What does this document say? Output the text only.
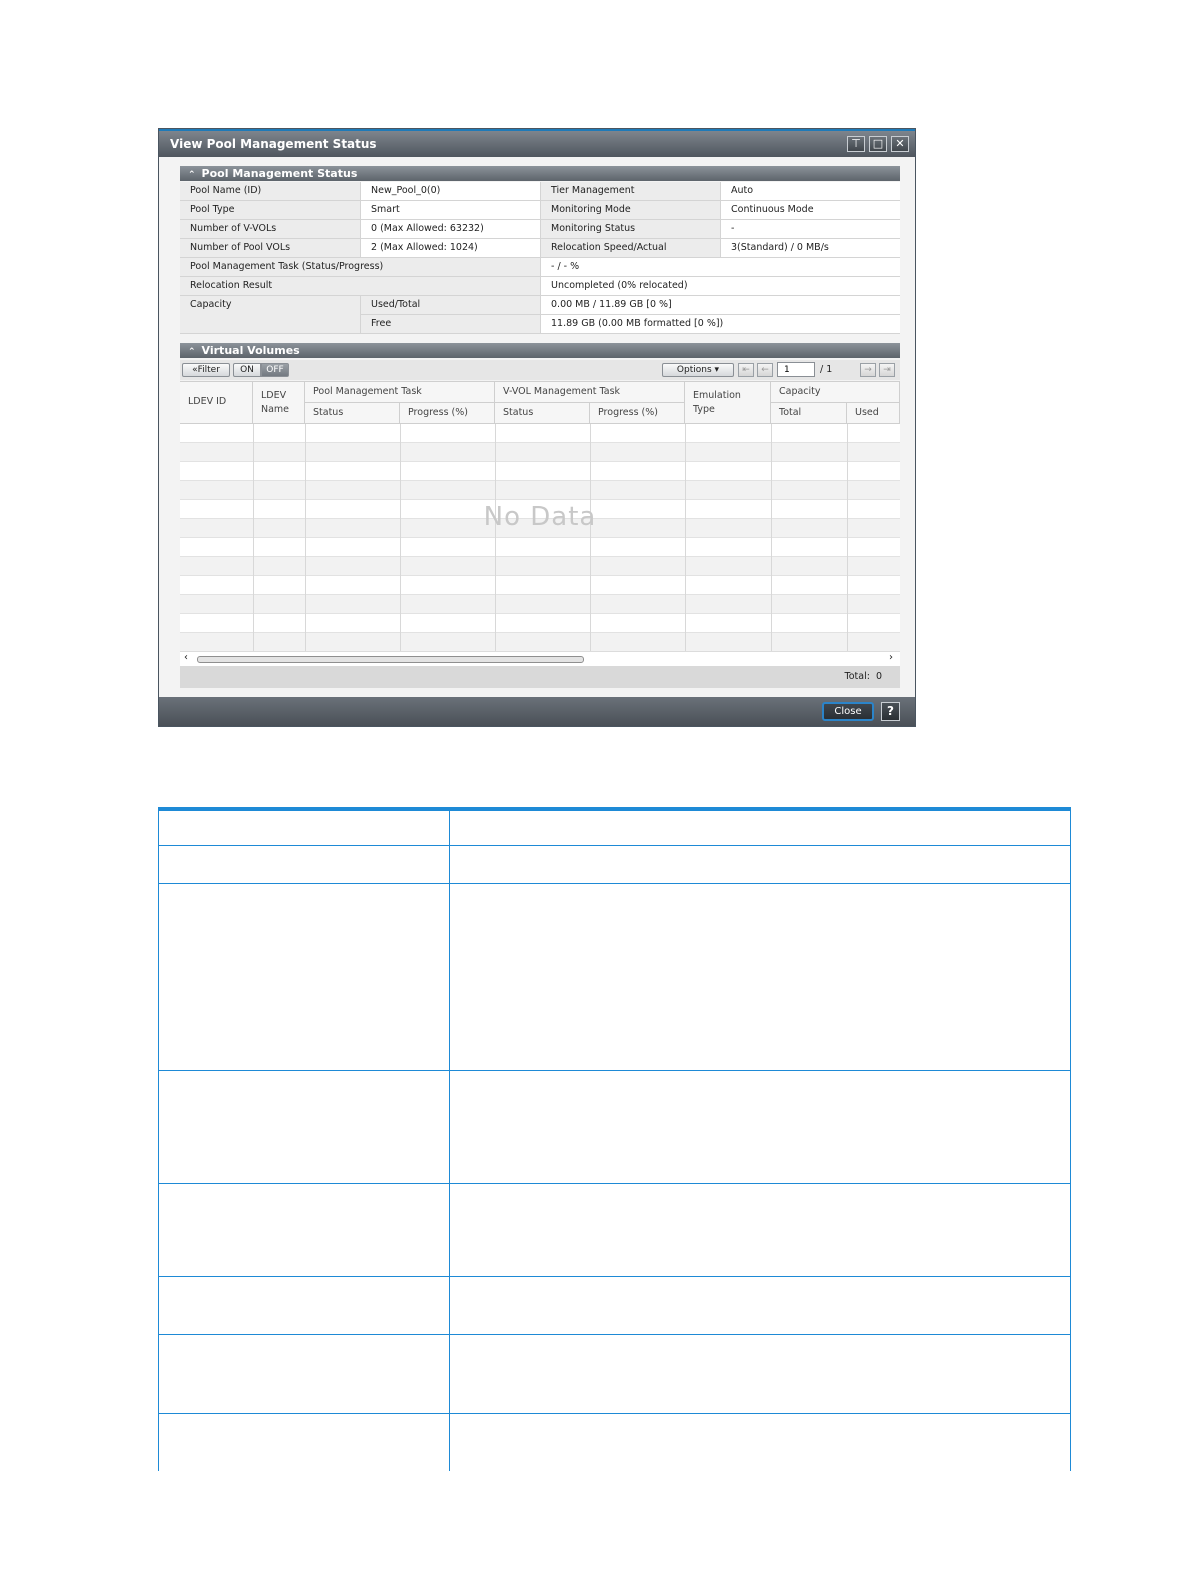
View Pool Management Status	⊤	□	✕
⌃ Pool Management Status
Pool Name (ID)	New_Pool_0(0)	Tier Management	Auto
Pool Type	Smart	Monitoring Mode	Continuous Mode
Number of V-VOLs	0 (Max Allowed: 63232)	Monitoring Status	-
Number of Pool VOLs	2 (Max Allowed: 1024)	Relocation Speed/Actual	3(Standard) / 0 MB/s
Pool Management Task (Status/Progress)	- / - %
Relocation Result	Uncompleted (0% relocated)
Capacity	Used/Total	0.00 MB / 11.89 GB [0 %]
Free	11.89 GB (0.00 MB formatted [0 %])
⌃ Virtual Volumes
«Filter	ON	OFF	Options ▾	⇤	←
1	/ 1	→	⇥
LDEV ID
LDEV
Name
Pool Management Task
Status	Progress (%)
V-VOL Management Task
Status	Progress (%)
Emulation
Type
Capacity
Total	Used
No Data
‹	›
Total: 0
Close	?
